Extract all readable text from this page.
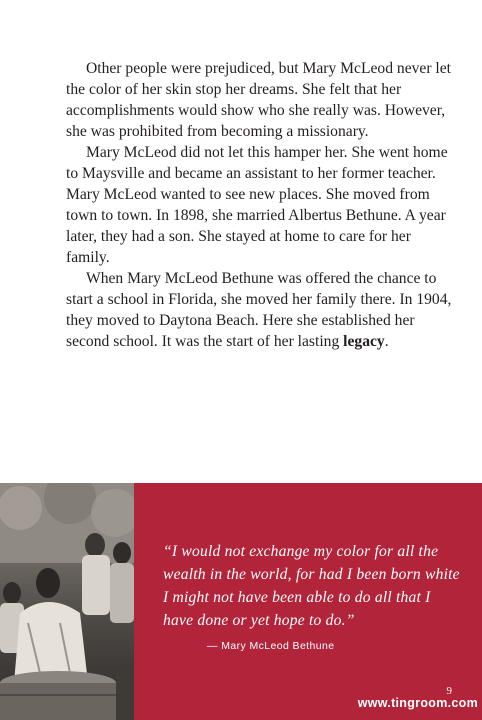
Other people were prejudiced, but Mary McLeod never let the color of her skin stop her dreams. She felt that her accomplishments would show who she really was. However, she was prohibited from becoming a missionary.

Mary McLeod did not let this hamper her. She went home to Maysville and became an assistant to her former teacher. Mary McLeod wanted to see new places. She moved from town to town. In 1898, she married Albertus Bethune. A year later, they had a son. She stayed at home to care for her family.

When Mary McLeod Bethune was offered the chance to start a school in Florida, she moved her family there. In 1904, they moved to Daytona Beach. Here she established her second school. It was the start of her lasting legacy.

“I would not exchange my color for all the wealth in the world, for had I been born white I might not have been able to do all that I have done or yet hope to do.”
— Mary McLeod Bethune
9
www.tingroom.com
